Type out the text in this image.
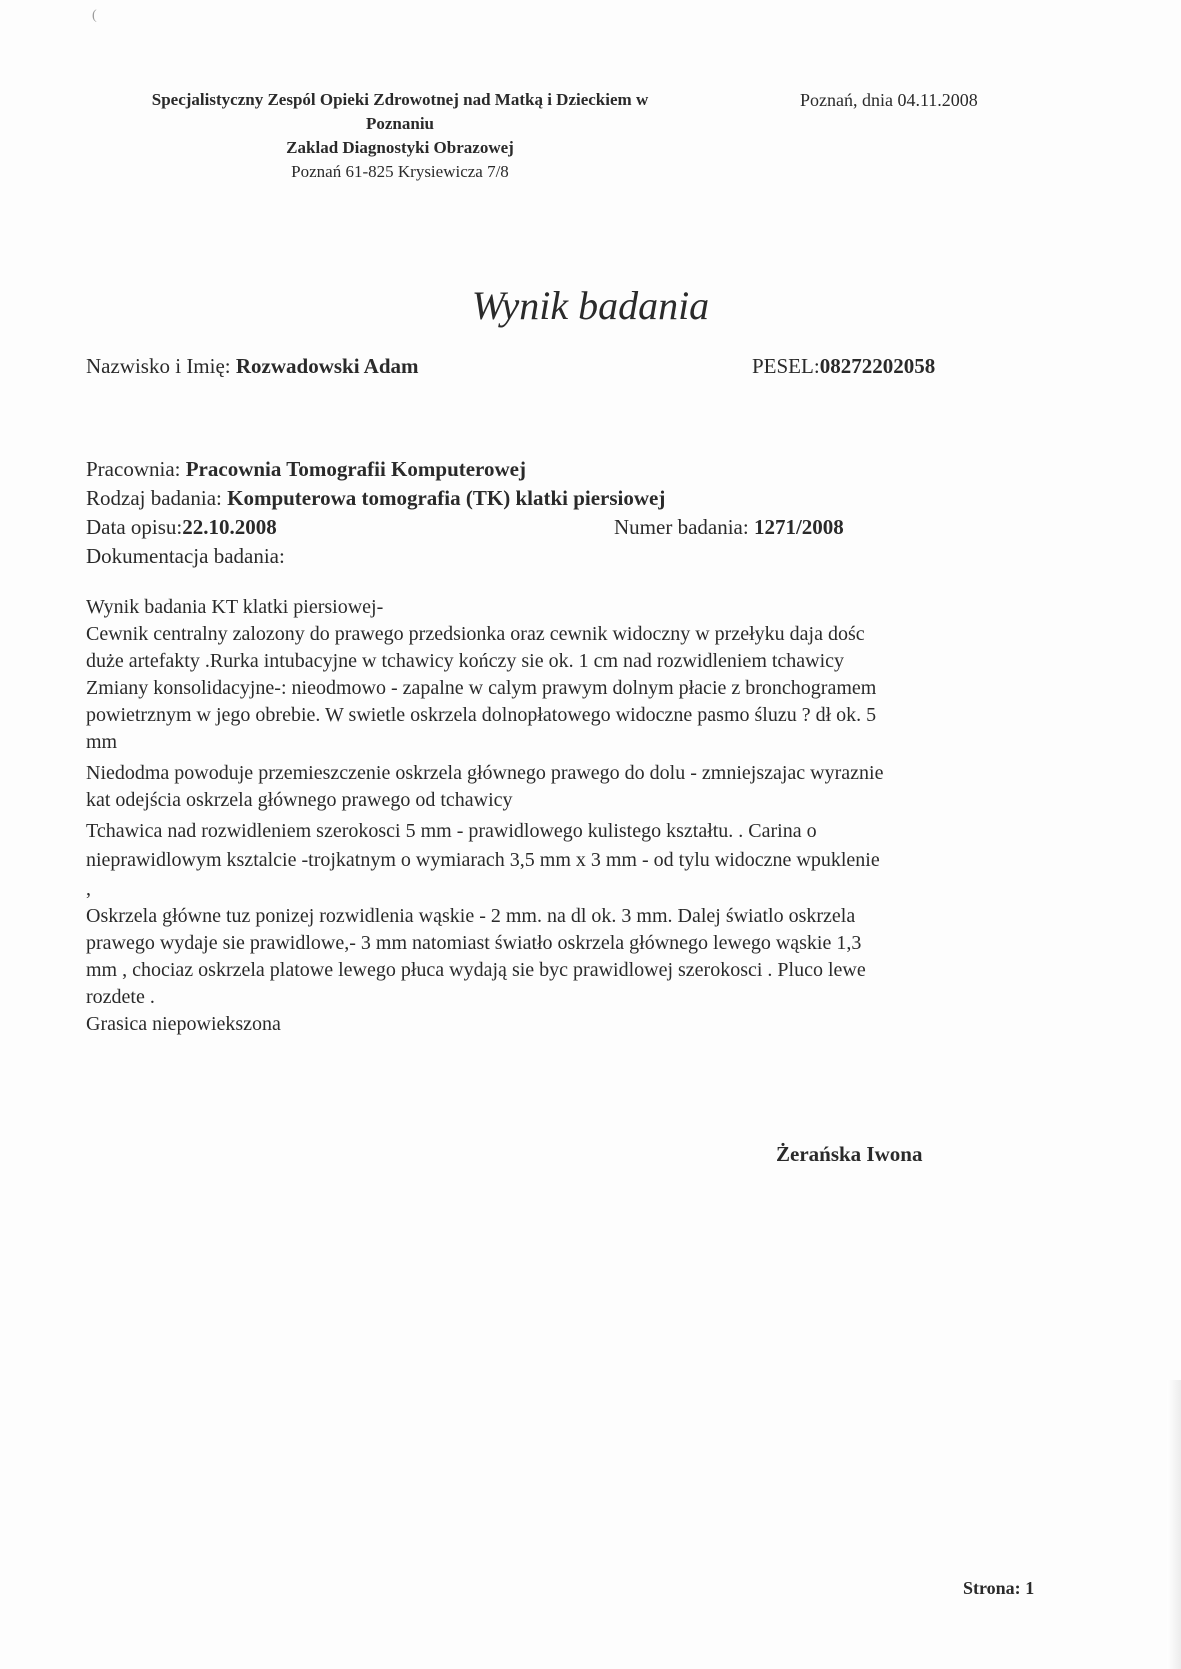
(
Specjalistyczny Zespól Opieki Zdrowotnej nad Matką i Dzieckiem w
Poznaniu
Zaklad Diagnostyki Obrazowej
Poznań 61-825 Krysiewicza 7/8
Poznań, dnia 04.11.2008
Wynik badania
Nazwisko i Imię: Rozwadowski Adam	PESEL:08272202058
Pracownia: Pracownia Tomografii Komputerowej
Rodzaj badania: Komputerowa tomografia (TK) klatki piersiowej
Data opisu:22.10.2008	Numer badania: 1271/2008
Dokumentacja badania:
Wynik badania KT klatki piersiowej-
Cewnik centralny zalozony do prawego przedsionka oraz cewnik widoczny w przełyku daja dośc
duże artefakty .Rurka intubacyjne w tchawicy kończy sie ok. 1 cm nad rozwidleniem tchawicy
Zmiany konsolidacyjne-: nieodmowo - zapalne w calym prawym dolnym płacie z bronchogramem
powietrznym w jego obrebie. W swietle oskrzela dolnopłatowego widoczne pasmo śluzu ? dł ok. 5
mm
Niedodma powoduje przemieszczenie oskrzela głównego prawego do dolu - zmniejszajac wyraznie
kat odejścia oskrzela głównego prawego od tchawicy
Tchawica nad rozwidleniem szerokosci 5 mm - prawidlowego kulistego kształtu. . Carina o
nieprawidlowym ksztalcie -trojkatnym o wymiarach 3,5 mm x 3 mm - od tylu widoczne wpuklenie
,
Oskrzela główne tuz ponizej rozwidlenia wąskie - 2 mm. na dl ok. 3 mm. Dalej światlo oskrzela
prawego wydaje sie prawidlowe,- 3 mm natomiast światło oskrzela głównego lewego wąskie 1,3
mm , chociaz oskrzela platowe lewego płuca wydają sie byc prawidlowej szerokosci . Pluco lewe
rozdete .
Grasica niepowiekszona
Żerańska Iwona
Strona: 1
